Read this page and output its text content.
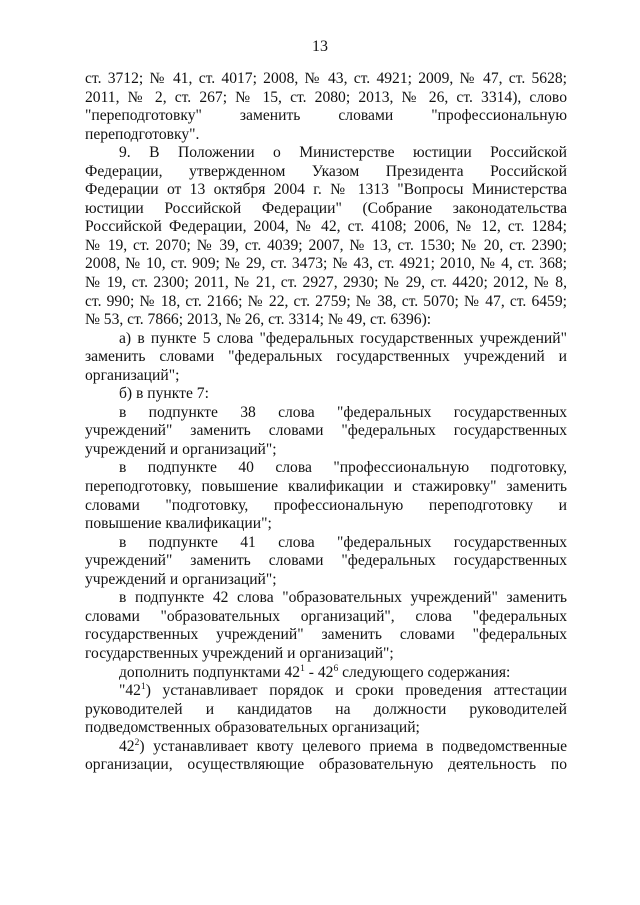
13
ст. 3712; № 41, ст. 4017; 2008, № 43, ст. 4921; 2009, № 47, ст. 5628;
2011, № 2, ст. 267; № 15, ст. 2080; 2013, № 26, ст. 3314), слово
"переподготовку" заменить словами "профессиональную
переподготовку".
9. В Положении о Министерстве юстиции Российской
Федерации, утвержденном Указом Президента Российской
Федерации от 13 октября 2004 г. № 1313 "Вопросы Министерства
юстиции Российской Федерации" (Собрание законодательства
Российской Федерации, 2004, № 42, ст. 4108; 2006, № 12, ст. 1284;
№ 19, ст. 2070; № 39, ст. 4039; 2007, № 13, ст. 1530; № 20, ст. 2390;
2008, № 10, ст. 909; № 29, ст. 3473; № 43, ст. 4921; 2010, № 4, ст. 368;
№ 19, ст. 2300; 2011, № 21, ст. 2927, 2930; № 29, ст. 4420; 2012, № 8,
ст. 990; № 18, ст. 2166; № 22, ст. 2759; № 38, ст. 5070; № 47, ст. 6459;
№ 53, ст. 7866; 2013, № 26, ст. 3314; № 49, ст. 6396):
а) в пункте 5 слова "федеральных государственных учреждений"
заменить словами "федеральных государственных учреждений и
организаций";
б) в пункте 7:
в подпункте 38 слова "федеральных государственных
учреждений" заменить словами "федеральных государственных
учреждений и организаций";
в подпункте 40 слова "профессиональную подготовку,
переподготовку, повышение квалификации и стажировку" заменить
словами "подготовку, профессиональную переподготовку и
повышение квалификации";
в подпункте 41 слова "федеральных государственных
учреждений" заменить словами "федеральных государственных
учреждений и организаций";
в подпункте 42 слова "образовательных учреждений" заменить
словами "образовательных организаций", слова "федеральных
государственных учреждений" заменить словами "федеральных
государственных учреждений и организаций";
дополнить подпунктами $42^1 - 42^6$ следующего содержания:
"$42^1$) устанавливает порядок и сроки проведения аттестации
руководителей и кандидатов на должности руководителей
подведомственных образовательных организаций;
$42^2$) устанавливает квоту целевого приема в подведомственные
организации, осуществляющие образовательную деятельность по
